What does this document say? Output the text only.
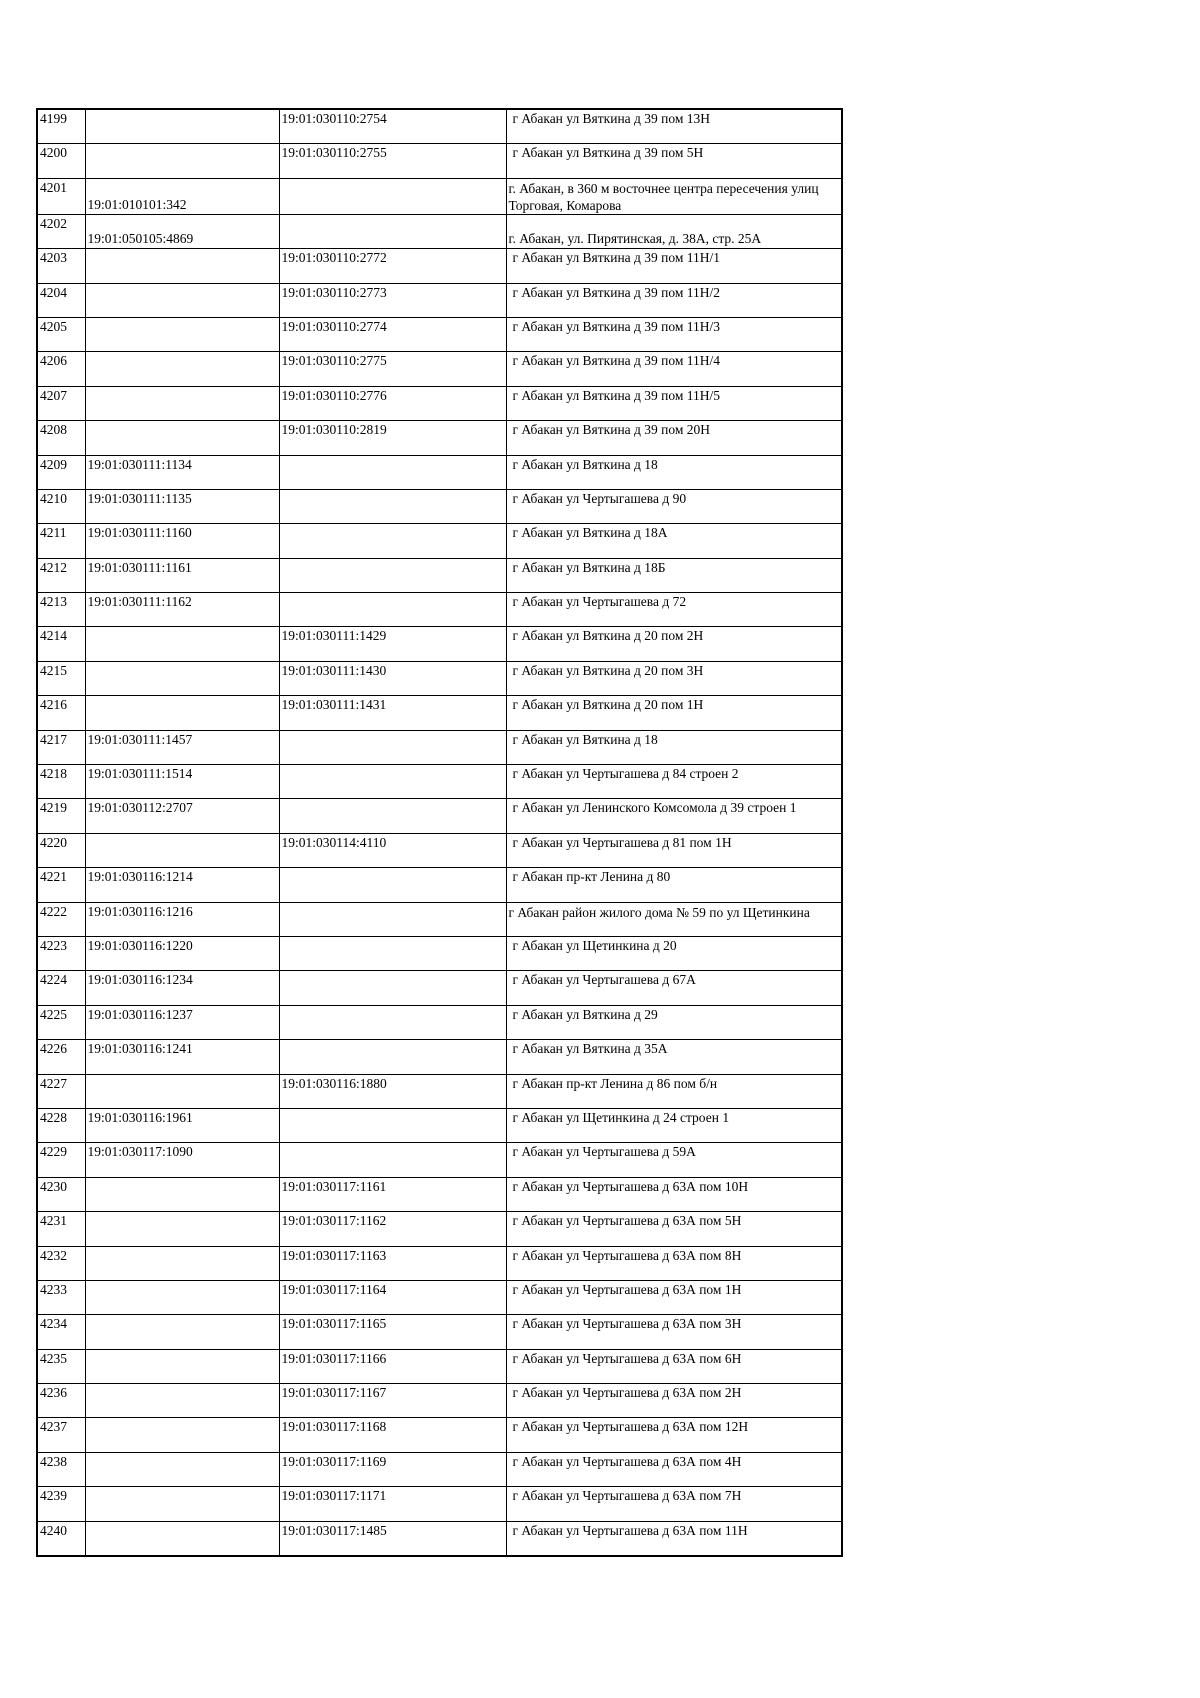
4199		19:01:030110:2754	г Абакан ул Вяткина д 39 пом 13Н

4200		19:01:030110:2755	г Абакан ул Вяткина д 39 пом 5Н

4201	19:01:010101:342		г. Абакан, в 360 м восточнее центра пересечения улиц Торговая, Комарова

4202	19:01:050105:4869		г. Абакан, ул. Пирятинская, д. 38А, стр. 25А

4203		19:01:030110:2772	г Абакан ул Вяткина д 39 пом 11Н/1

4204		19:01:030110:2773	г Абакан ул Вяткина д 39 пом 11Н/2

4205		19:01:030110:2774	г Абакан ул Вяткина д 39 пом 11Н/3

4206		19:01:030110:2775	г Абакан ул Вяткина д 39 пом 11Н/4

4207		19:01:030110:2776	г Абакан ул Вяткина д 39 пом 11Н/5

4208		19:01:030110:2819	г Абакан ул Вяткина д 39 пом 20Н

4209	19:01:030111:1134		г Абакан ул Вяткина д 18

4210	19:01:030111:1135		г Абакан ул Чертыгашева д 90

4211	19:01:030111:1160		г Абакан ул Вяткина д 18А

4212	19:01:030111:1161		г Абакан ул Вяткина д 18Б

4213	19:01:030111:1162		г Абакан ул Чертыгашева д 72

4214		19:01:030111:1429	г Абакан ул Вяткина д 20 пом 2Н

4215		19:01:030111:1430	г Абакан ул Вяткина д 20 пом 3Н

4216		19:01:030111:1431	г Абакан ул Вяткина д 20 пом 1Н

4217	19:01:030111:1457		г Абакан ул Вяткина д 18

4218	19:01:030111:1514		г Абакан ул Чертыгашева д 84 строен 2

4219	19:01:030112:2707		г Абакан ул Ленинского Комсомола д 39 строен 1

4220		19:01:030114:4110	г Абакан ул Чертыгашева д 81 пом 1Н

4221	19:01:030116:1214		г Абакан пр-кт Ленина д 80

4222	19:01:030116:1216		г Абакан район жилого дома № 59 по ул Щетинкина

4223	19:01:030116:1220		г Абакан ул Щетинкина д 20

4224	19:01:030116:1234		г Абакан ул Чертыгашева д 67А

4225	19:01:030116:1237		г Абакан ул Вяткина д 29

4226	19:01:030116:1241		г Абакан ул Вяткина д 35А

4227		19:01:030116:1880	г Абакан пр-кт Ленина д 86 пом б/н

4228	19:01:030116:1961		г Абакан ул Щетинкина д 24 строен 1

4229	19:01:030117:1090		г Абакан ул Чертыгашева д 59А

4230		19:01:030117:1161	г Абакан ул Чертыгашева д 63А пом 10Н

4231		19:01:030117:1162	г Абакан ул Чертыгашева д 63А пом 5Н

4232		19:01:030117:1163	г Абакан ул Чертыгашева д 63А пом 8Н

4233		19:01:030117:1164	г Абакан ул Чертыгашева д 63А пом 1Н

4234		19:01:030117:1165	г Абакан ул Чертыгашева д 63А пом 3Н

4235		19:01:030117:1166	г Абакан ул Чертыгашева д 63А пом 6Н

4236		19:01:030117:1167	г Абакан ул Чертыгашева д 63А пом 2Н

4237		19:01:030117:1168	г Абакан ул Чертыгашева д 63А пом 12Н

4238		19:01:030117:1169	г Абакан ул Чертыгашева д 63А пом 4Н

4239		19:01:030117:1171	г Абакан ул Чертыгашева д 63А пом 7Н

4240		19:01:030117:1485	г Абакан ул Чертыгашева д 63А пом 11Н
